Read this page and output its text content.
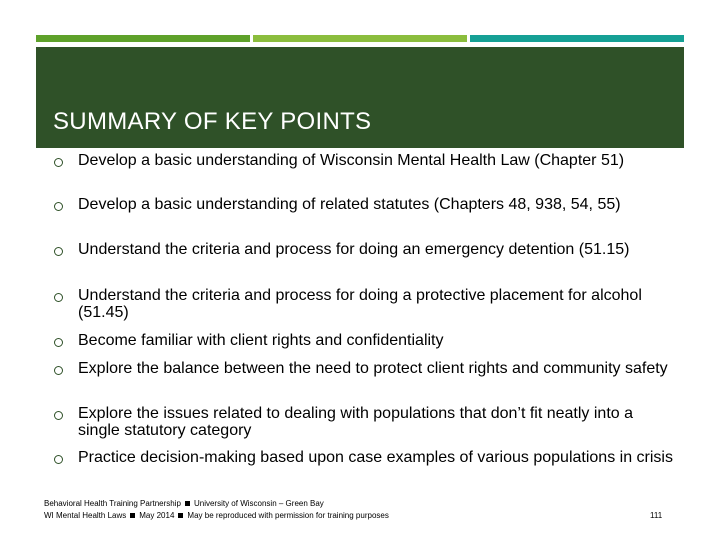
SUMMARY OF KEY POINTS
Develop a basic understanding of Wisconsin Mental Health Law (Chapter 51)
Develop a basic understanding of related statutes (Chapters 48, 938, 54, 55)
Understand the criteria and process for doing an emergency detention (51.15)
Understand the criteria and process for doing a protective placement for alcohol (51.45)
Become familiar with client rights and confidentiality
Explore the balance between the need to protect client rights and community safety
Explore the issues related to dealing with populations that don’t fit neatly into a single statutory category
Practice decision-making based upon case examples of various populations in crisis
Behavioral Health Training Partnership University of Wisconsin – Green Bay
WI Mental Health Laws May 2014 May be reproduced with permission for training purposes	111
